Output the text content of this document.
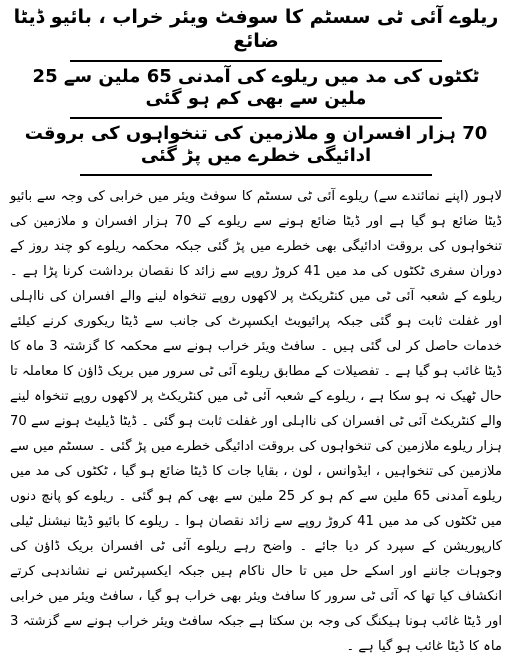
ریلوے آئی ٹی سسٹم کا سوفٹ ویئر خراب ، بائیو ڈیٹا ضائع
ٹکٹوں کی مد میں ریلوے کی آمدنی 65 ملین سے 25 ملین سے بھی کم ہو گئی
70 ہزار افسران و ملازمین کی تنخواہوں کی بروقت ادائیگی خطرے میں پڑ گئی

لاہور (اپنے نمائندے سے) ریلوے آئی ٹی سسٹم کا سوفٹ ویئر میں خرابی کی وجہ سے بائیو ڈیٹا ضائع ہو گیا ہے اور ڈیٹا ضائع ہونے سے ریلوے کے 70 ہزار افسران و ملازمین کی تنخواہوں کی بروقت ادائیگی بھی خطرے میں پڑ گئی جبکہ محکمہ ریلوے کو چند روز کے دوران سفری ٹکٹوں کی مد میں 41 کروڑ روپے سے زائد کا نقصان برداشت کرنا پڑا ہے ۔ ریلوے کے شعبہ آئی ٹی میں کنٹریکٹ پر لاکھوں روپے تنخواہ لینے والے افسران کی نااہلی اور غفلت ثابت ہو گئی جبکہ پرائیویٹ ایکسپرٹ کی جانب سے ڈیٹا ریکوری کرنے کیلئے خدمات حاصل کر لی گئی ہیں ۔ سافٹ ویئر خراب ہونے سے محکمہ کا گزشتہ 3 ماہ کا ڈیٹا غائب ہو گیا ہے ۔ تفصیلات کے مطابق ریلوے آئی ٹی سرور میں بریک ڈاؤن کا معاملہ تا حال ٹھیک نہ ہو سکا ہے ، ریلوے کے شعبہ آئی ٹی میں کنٹریکٹ پر لاکھوں روپے تنخواہ لینے والے کنٹریکٹ آئی ٹی افسران کی نااہلی اور غفلت ثابت ہو گئی ۔ ڈیٹا ڈیلیٹ ہونے سے 70 ہزار ریلوے ملازمین کی تنخواہوں کی بروقت ادائیگی خطرے میں پڑ گئی ۔ سسٹم میں سے ملازمین کی تنخواہیں ، ایڈوانس ، لون ، بقایا جات کا ڈیٹا ضائع ہو گیا ، ٹکٹوں کی مد میں ریلوے آمدنی 65 ملین سے کم ہو کر 25 ملین سے بھی کم ہو گئی ۔ ریلوے کو پانچ دنوں میں ٹکٹوں کی مد میں 41 کروڑ روپے سے زائد نقصان ہوا ۔ ریلوے کا بائیو ڈیٹا نیشنل ٹیلی کارپوریشن کے سپرد کر دیا جائے ۔ واضح رہے ریلوے آئی ٹی افسران بریک ڈاؤن کی وجوہات جاننے اور اسکے حل میں تا حال ناکام ہیں جبکہ ایکسپرٹس نے نشاندہی کرتے انکشاف کیا تھا کہ آئی ٹی سرور کا سافٹ ویئر بھی خراب ہو گیا ، سافٹ ویئر میں خرابی اور ڈیٹا غائب ہونا ہیکنگ کی وجہ بن سکتا ہے جبکہ سافٹ ویئر خراب ہونے سے گزشتہ 3 ماہ کا ڈیٹا غائب ہو گیا ہے ۔
